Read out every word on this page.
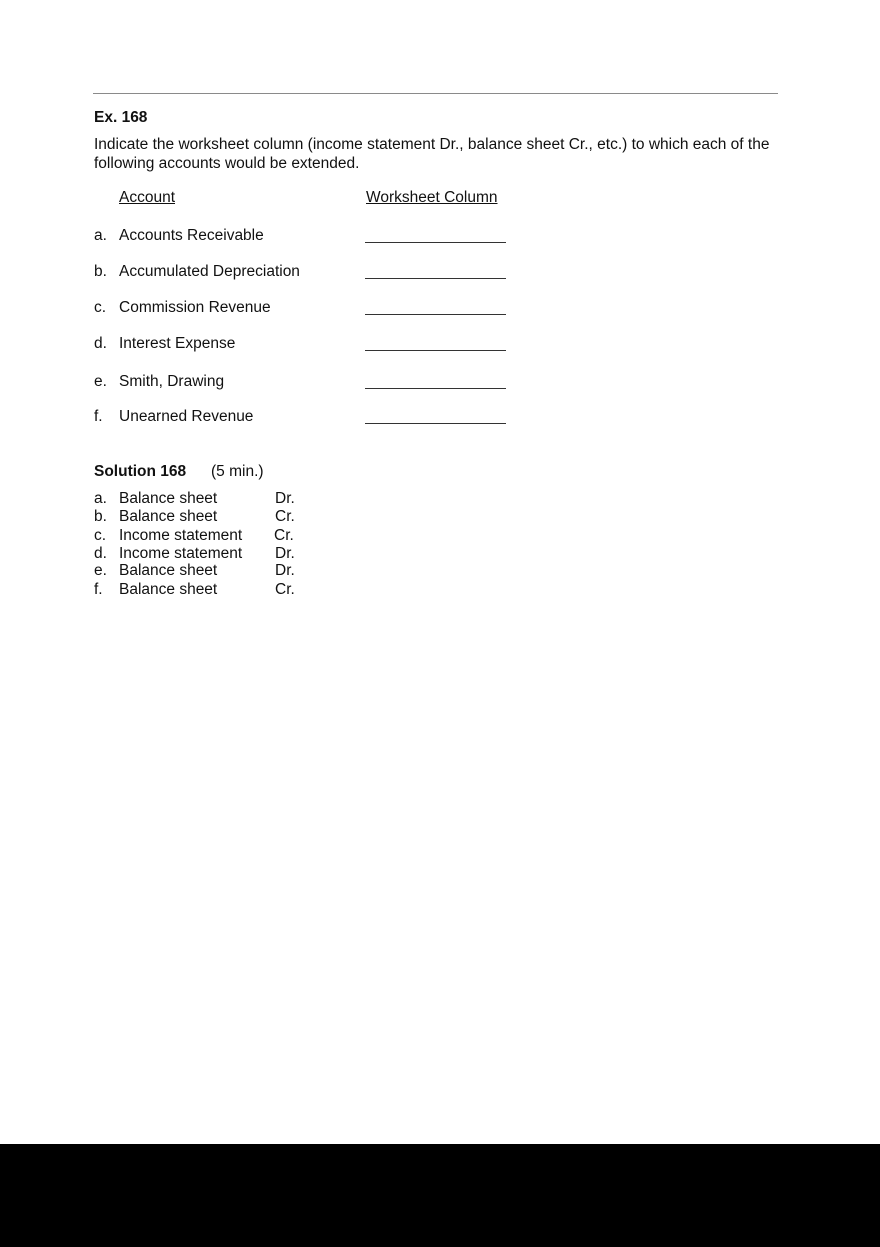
Ex. 168
Indicate the worksheet column (income statement Dr., balance sheet Cr., etc.) to which each of the following accounts would be extended.
Account	Worksheet Column
a. Accounts Receivable
b. Accumulated Depreciation
c. Commission Revenue
d. Interest Expense
e. Smith, Drawing
f. Unearned Revenue
Solution 168 (5 min.)
a. Balance sheet	Dr.
b. Balance sheet	Cr.
c. Income statement Cr.
d. Income statement Dr.
e. Balance sheet	Dr.
f. Balance sheet	Cr.
